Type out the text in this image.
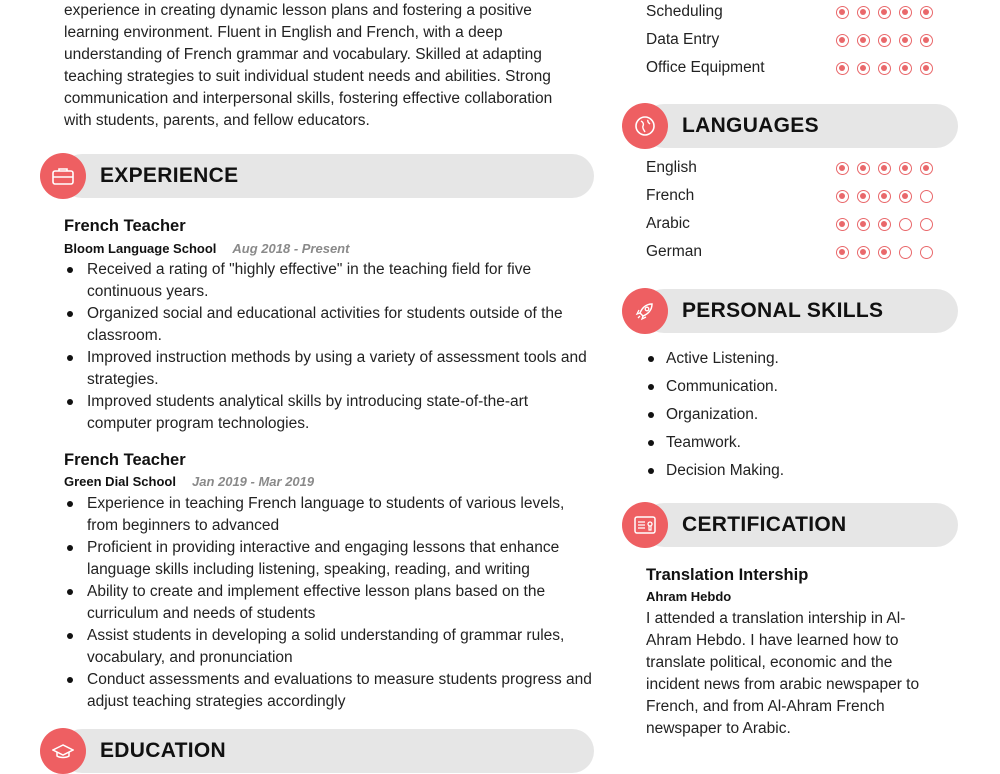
experience in creating dynamic lesson plans and fostering a positive

learning environment. Fluent in English and French, with a deep

understanding of French grammar and vocabulary. Skilled at adapting

teaching strategies to suit individual student needs and abilities. Strong

communication and interpersonal skills, fostering effective collaboration

with students, parents, and fellow educators.

EXPERIENCE
French Teacher
Bloom Language School Aug 2018 - Present
Received a rating of "highly effective" in the teaching field for five continuous years.
Organized social and educational activities for students outside of the classroom.
Improved instruction methods by using a variety of assessment tools and strategies.
Improved students analytical skills by introducing state-of-the-art computer program technologies.
French Teacher
Green Dial School Jan 2019 - Mar 2019
Experience in teaching French language to students of various levels, from beginners to advanced
Proficient in providing interactive and engaging lessons that enhance language skills including listening, speaking, reading, and writing
Ability to create and implement effective lesson plans based on the curriculum and needs of students
Assist students in developing a solid understanding of grammar rules, vocabulary, and pronunciation
Conduct assessments and evaluations to measure students progress and adjust teaching strategies accordingly
EDUCATION
Scheduling
Data Entry
Office Equipment
LANGUAGES
English
French
Arabic
German
PERSONAL SKILLS
Active Listening.
Communication.
Organization.
Teamwork.
Decision Making.
CERTIFICATION
Translation Intership
Ahram Hebdo

I attended a translation intership in Al-Ahram Hebdo. I have learned how to translate political, economic and the incident news from arabic newspaper to French, and from Al-Ahram French newspaper to Arabic.
